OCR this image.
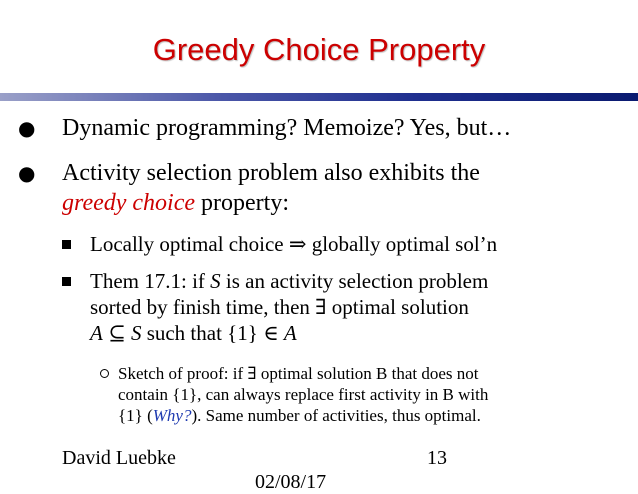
Greedy Choice Property
● Dynamic programming? Memoize? Yes, but…
● Activity selection problem also exhibits the
greedy choice property:
Locally optimal choice ⇒ globally optimal sol’n
Them 17.1: if S is an activity selection problem
sorted by finish time, then ∃ optimal solution
A ⊆ S such that {1} ∈ A
Sketch of proof: if ∃ optimal solution B that does not
contain {1}, can always replace first activity in B with
{1} (Why?). Same number of activities, thus optimal.
David Luebke	13
02/08/17
